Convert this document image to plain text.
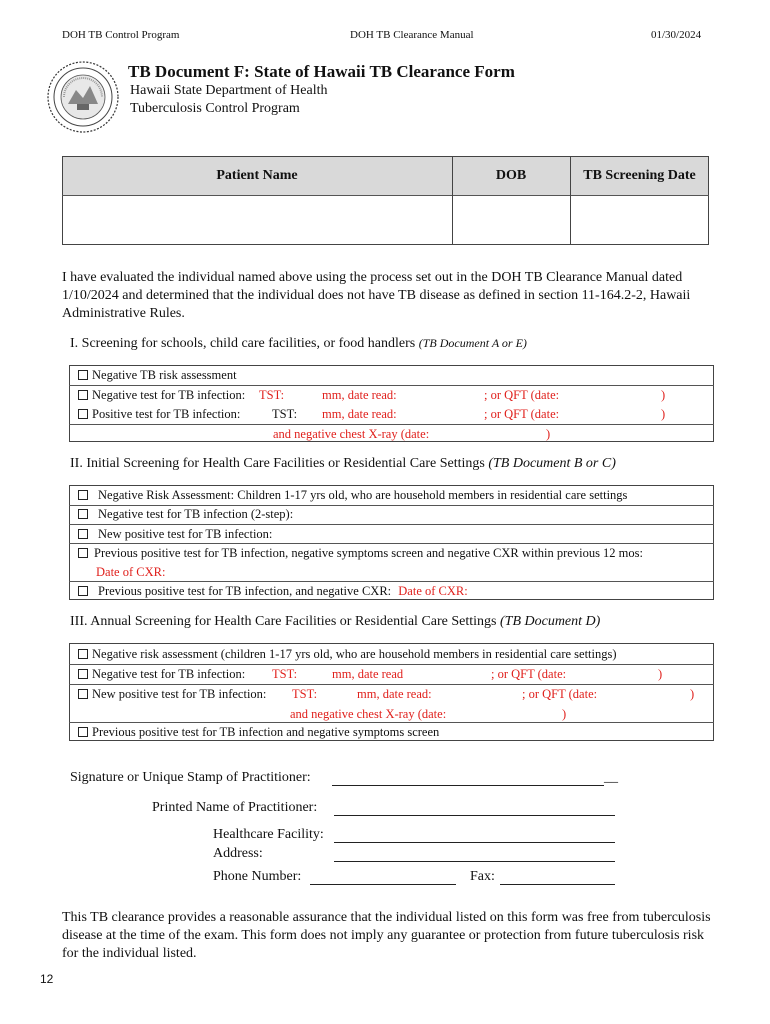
DOH TB Control Program	DOH TB Clearance Manual	01/30/2024
TB Document F: State of Hawaii TB Clearance Form
Hawaii State Department of Health
Tuberculosis Control Program
Patient Name	DOB	TB Screening Date
I have evaluated the individual named above using the process set out in the DOH TB Clearance Manual dated 1/10/2024 and determined that the individual does not have TB disease as defined in section 11-164.2-2, Hawaii Administrative Rules.
I. Screening for schools, child care facilities, or food handlers (TB Document A or E)
Negative TB risk assessment
Negative test for TB infection: TST:	mm, date read:	; or QFT (date:	)
Positive test for TB infection:	TST: mm, date read:	; or QFT (date:	)
and negative chest X-ray (date:	)
II. Initial Screening for Health Care Facilities or Residential Care Settings (TB Document B or C)
Negative Risk Assessment: Children 1-17 yrs old, who are household members in residential care settings
Negative test for TB infection (2-step):
New positive test for TB infection:
Previous positive test for TB infection, negative symptoms screen and negative CXR within previous 12 mos:
Date of CXR:
Previous positive test for TB infection, and negative CXR: Date of CXR:
III. Annual Screening for Health Care Facilities or Residential Care Settings (TB Document D)
Negative risk assessment (children 1-17 yrs old, who are household members in residential care settings)
Negative test for TB infection: TST:	mm, date read	; or QFT (date:	)
New positive test for TB infection: TST:	mm, date read:	; or QFT (date:	)
and negative chest X-ray (date:	)
Previous positive test for TB infection and negative symptoms screen
Signature or Unique Stamp of Practitioner:	__
Printed Name of Practitioner:
Healthcare Facility:
Address:
Phone Number:	Fax:
This TB clearance provides a reasonable assurance that the individual listed on this form was free from tuberculosis disease at the time of the exam. This form does not imply any guarantee or protection from future tuberculosis risk for the individual listed.
12
